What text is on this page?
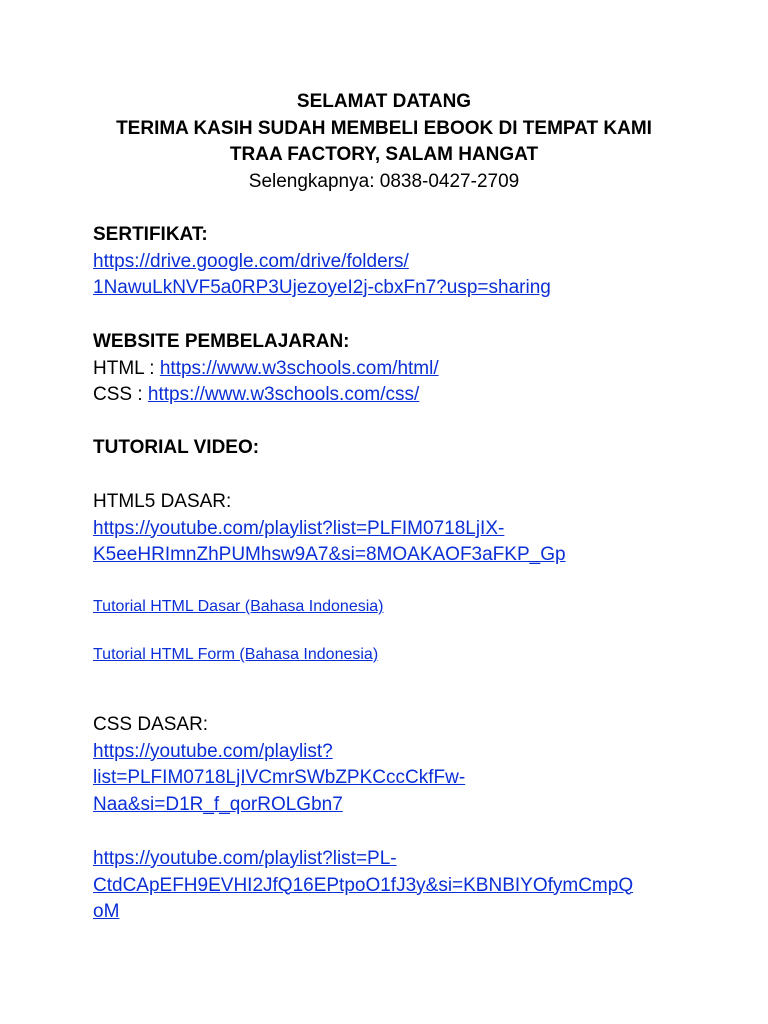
SELAMAT DATANG
TERIMA KASIH SUDAH MEMBELI EBOOK DI TEMPAT KAMI
TRAA FACTORY, SALAM HANGAT
Selengkapnya: 0838-0427-2709
SERTIFIKAT:
https://drive.google.com/drive/folders/
1NawuLkNVF5a0RP3UjezoyeI2j-cbxFn7?usp=sharing
WEBSITE PEMBELAJARAN:
HTML : https://www.w3schools.com/html/
CSS : https://www.w3schools.com/css/
TUTORIAL VIDEO:
HTML5 DASAR:
https://youtube.com/playlist?list=PLFIM0718LjIX-
K5eeHRImnZhPUMhsw9A7&si=8MOAKAOF3aFKP_Gp
Tutorial HTML Dasar (Bahasa Indonesia)
Tutorial HTML Form (Bahasa Indonesia)
CSS DASAR:
https://youtube.com/playlist?
list=PLFIM0718LjIVCmrSWbZPKCccCkfFw-
Naa&si=D1R_f_qorROLGbn7
https://youtube.com/playlist?list=PL-
CtdCApEFH9EVHI2JfQ16EPtpoO1fJ3y&si=KBNBIYOfymCmpQ
oM
